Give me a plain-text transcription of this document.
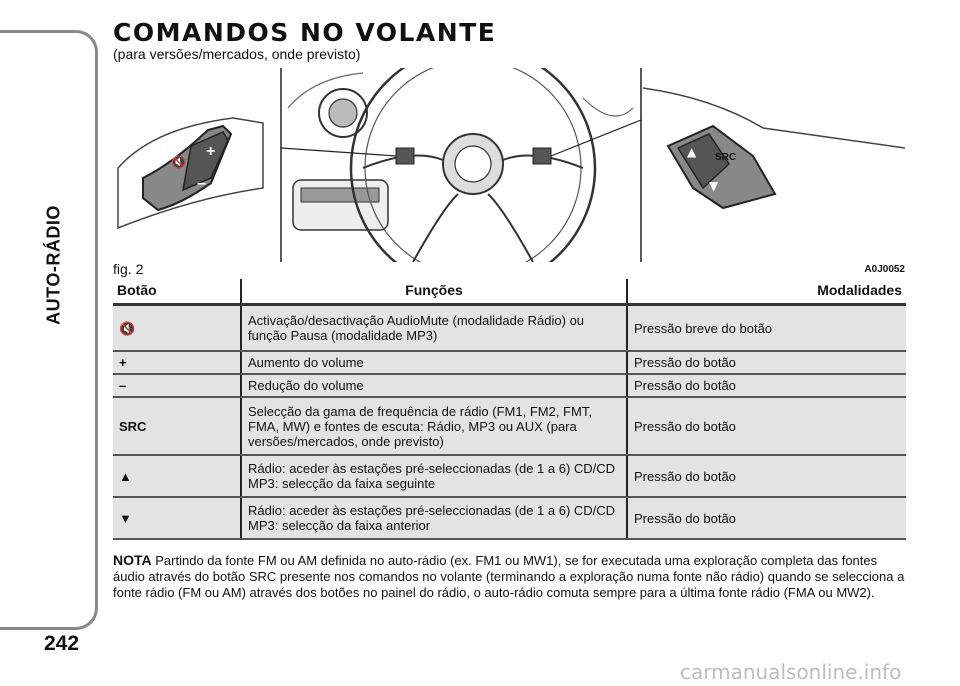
AUTO-RÁDIO
242
COMANDOS NO VOLANTE
(para versões/mercados, onde previsto)
+
–
🔇
▲ SRC
▼
fig. 2	A0J0052
Botão	Funções	Modalidades
🔇	Activação/desactivação AudioMute (modalidade Rádio) ou função Pausa (modalidade MP3)	Pressão breve do botão
+	Aumento do volume	Pressão do botão
–	Redução do volume	Pressão do botão
SRC	Selecção da gama de frequência de rádio (FM1, FM2, FMT, FMA, MW) e fontes de escuta: Rádio, MP3 ou AUX (para versões/mercados, onde previsto)	Pressão do botão
▲	Rádio: aceder às estações pré-seleccionadas (de 1 a 6) CD/CD MP3: selecção da faixa seguinte	Pressão do botão
▼	Rádio: aceder às estações pré-seleccionadas (de 1 a 6) CD/CD MP3: selecção da faixa anterior	Pressão do botão
NOTA Partindo da fonte FM ou AM definida no auto-rádio (ex. FM1 ou MW1), se for executada uma exploração completa das fontes áudio através do botão SRC presente nos comandos no volante (terminando a exploração numa fonte não rádio) quando se selecciona a fonte rádio (FM ou AM) através dos botões no painel do rádio, o auto-rádio comuta sempre para a última fonte rádio (FMA ou MW2).
carmanualsonline.info
